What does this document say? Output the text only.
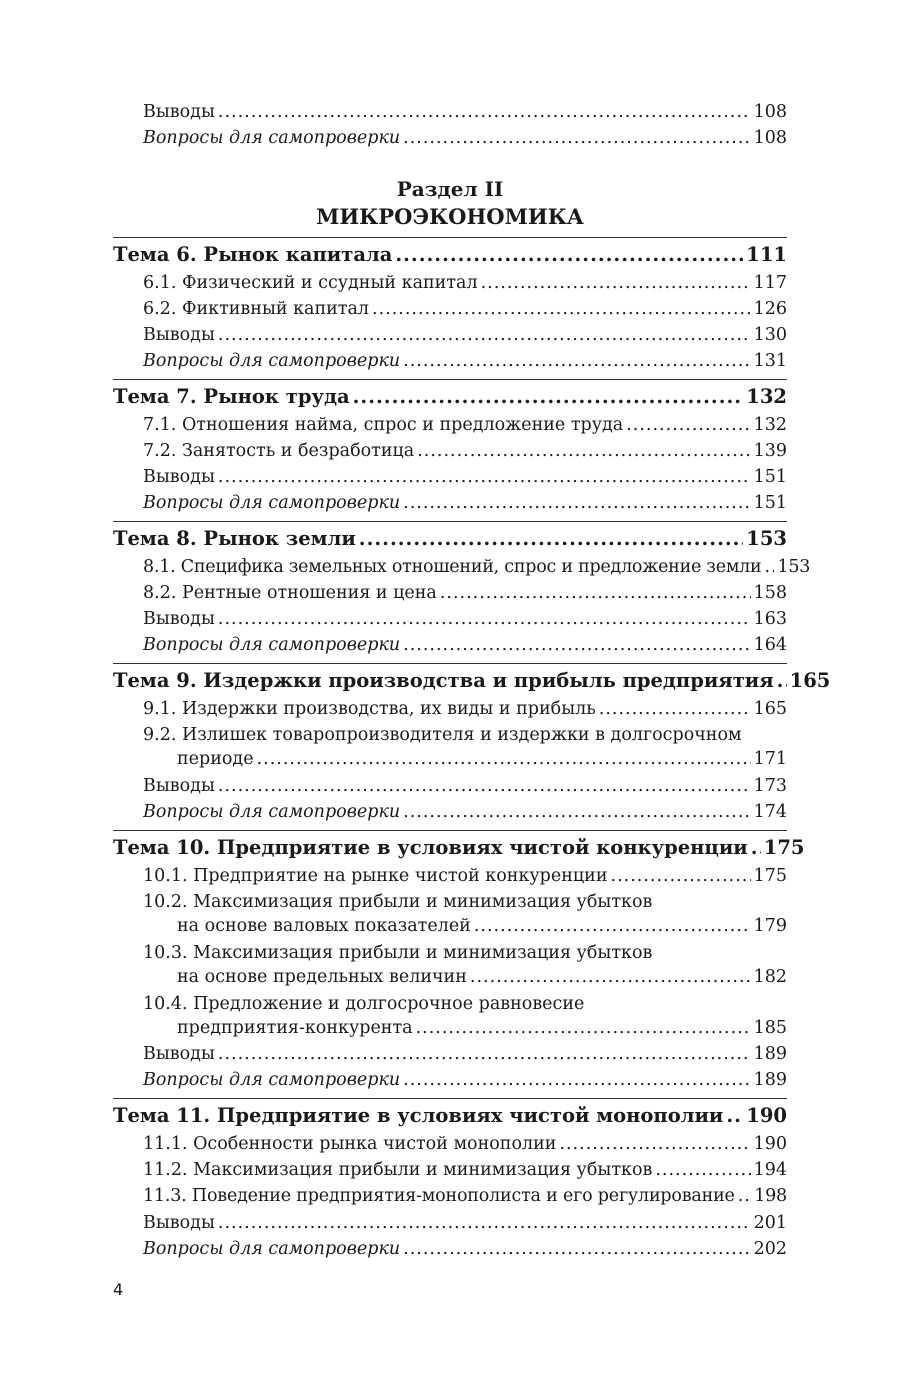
Выводы .....	108
Вопросы для самопроверки .....	108
Раздел II
МИКРОЭКОНОМИКА
Тема 6. Рынок капитала .....	111
6.1. Физический и ссудный капитал .....	117
6.2. Фиктивный капитал .....	126
Выводы .....	130
Вопросы для самопроверки .....	131
Тема 7. Рынок труда .....	132
7.1. Отношения найма, спрос и предложение труда .....	132
7.2. Занятость и безработица .....	139
Выводы .....	151
Вопросы для самопроверки .....	151
Тема 8. Рынок земли .....	153
8.1. Специфика земельных отношений, спрос и предложение земли ..... 153
8.2. Рентные отношения и цена .....	158
Выводы .....	163
Вопросы для самопроверки .....	164
Тема 9. Издержки производства и прибыль предприятия ..... 165
9.1. Издержки производства, их виды и прибыль .....	165
9.2. Излишек товаропроизводителя и издержки в долгосрочном
периоде .....	171
Выводы .....	173
Вопросы для самопроверки .....	174
Тема 10. Предприятие в условиях чистой конкуренции ..... 175
10.1. Предприятие на рынке чистой конкуренции .....	175
10.2. Максимизация прибыли и минимизация убытков
на основе валовых показателей .....	179
10.3. Максимизация прибыли и минимизация убытков
на основе предельных величин .....	182
10.4. Предложение и долгосрочное равновесие
предприятия-конкурента .....	185
Выводы .....	189
Вопросы для самопроверки .....	189
Тема 11. Предприятие в условиях чистой монополии ..... 190
11.1. Особенности рынка чистой монополии .....	190
11.2. Максимизация прибыли и минимизация убытков .....	194
11.3. Поведение предприятия-монополиста и его регулирование ..... 198
Выводы .....	201
Вопросы для самопроверки .....	202
4
